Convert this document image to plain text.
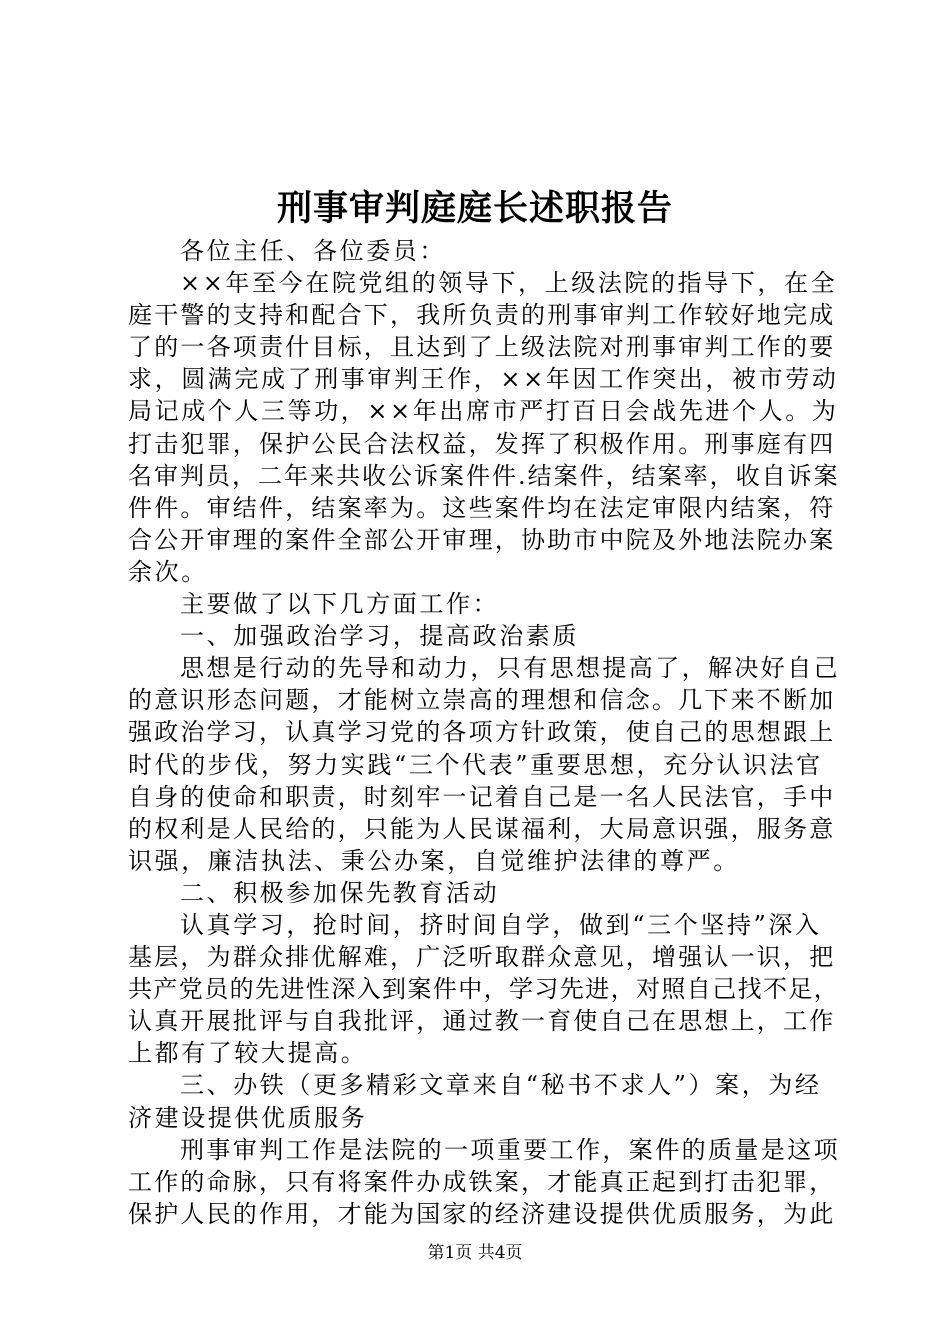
刑事审判庭庭长述职报告
各位主任、各位委员：
××年至今在院党组的领导下，上级法院的指导下，在全
庭干警的支持和配合下，我所负责的刑事审判工作较好地完成
了的一各项责什目标，且达到了上级法院对刑事审判工作的要
求，圆满完成了刑事审判王作，××年因工作突出，被市劳动
局记成个人三等功，××年出席市严打百日会战先进个人。为
打击犯罪，保护公民合法权益，发挥了积极作用。刑事庭有四
名审判员，二年来共收公诉案件件.结案件，结案率，收自诉案
件件。审结件，结案率为。这些案件均在法定审限内结案，符
合公开审理的案件全部公开审理，协助市中院及外地法院办案
余次。
主要做了以下几方面工作：
一、加强政治学习，提高政治素质
思想是行动的先导和动力，只有思想提高了，解决好自己
的意识形态问题，才能树立崇高的理想和信念。几下来不断加
强政治学习，认真学习党的各项方针政策，使自己的思想跟上
时代的步伐，努力实践“三个代表”重要思想，充分认识法官
自身的使命和职责，时刻牢一记着自己是一名人民法官，手中
的权利是人民给的，只能为人民谋福利，大局意识强，服务意
识强，廉洁执法、秉公办案，自觉维护法律的尊严。
二、积极参加保先教育活动
认真学习，抢时间，挤时间自学，做到“三个坚持”深入
基层，为群众排优解难，广泛听取群众意见，增强认一识，把
共产党员的先进性深入到案件中，学习先进，对照自己找不足，
认真开展批评与自我批评，通过教一育使自己在思想上，工作
上都有了较大提高。
三、办铁（更多精彩文章来自“秘书不求人”）案，为经
济建设提供优质服务
刑事审判工作是法院的一项重要工作，案件的质量是这项
工作的命脉，只有将案件办成铁案，才能真正起到打击犯罪，
保护人民的作用，才能为国家的经济建设提供优质服务，为此
第1页 共4页
